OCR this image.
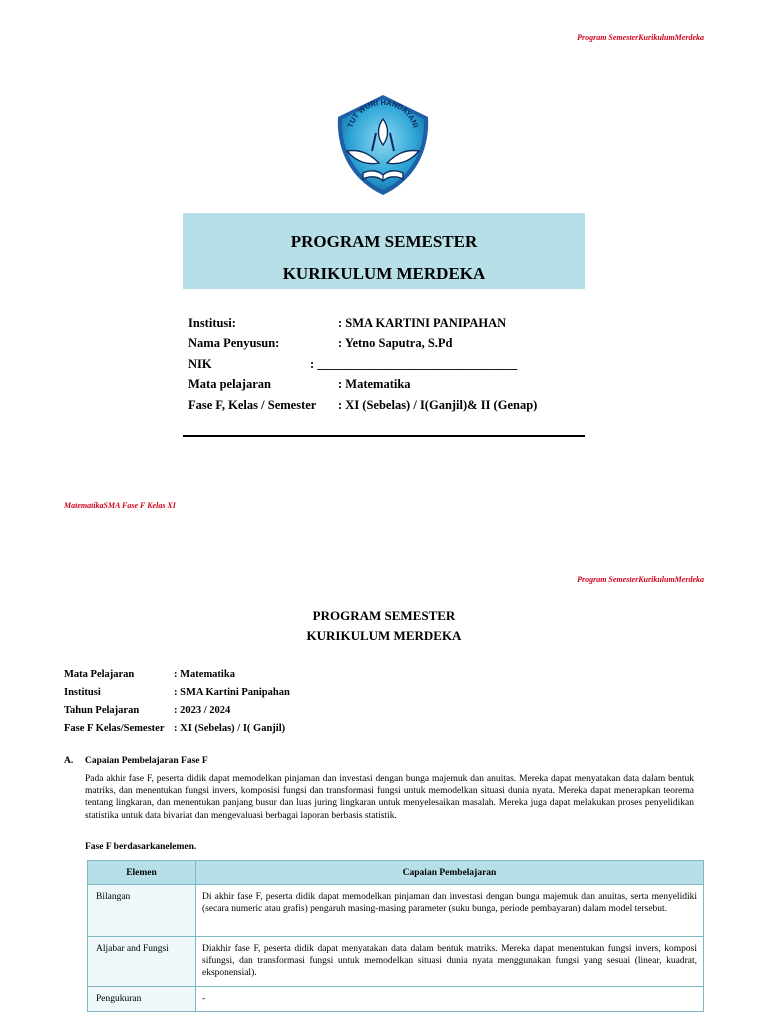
Program SemesterKurikulumMerdeka
TUT WURI HANDAYANI
PROGRAM SEMESTER
KURIKULUM MERDEKA
Institusi:	: SMA KARTINI PANIPAHAN
Nama Penyusun:	: Yetno Saputra, S.Pd
NIK	: ________________________________
Mata pelajaran	: Matematika
Fase F, Kelas / Semester	: XI (Sebelas) / I(Ganjil)& II (Genap)
MatematikaSMA Fase F Kelas XI
Program SemesterKurikulumMerdeka
PROGRAM SEMESTER
KURIKULUM MERDEKA
Mata Pelajaran	: Matematika
Institusi	: SMA Kartini Panipahan
Tahun Pelajaran	: 2023 / 2024
Fase F Kelas/Semester : XI (Sebelas) / I( Ganjil)
A.	Capaian Pembelajaran Fase F

Pada akhir fase F, peserta didik dapat memodelkan pinjaman dan investasi dengan bunga majemuk dan anuitas. Mereka dapat menyatakan data dalam bentuk matriks, dan menentukan fungsi invers, komposisi fungsi dan transformasi fungsi untuk memodelkan situasi dunia nyata. Mereka dapat menerapkan teorema tentang lingkaran, dan menentukan panjang busur dan luas juring lingkaran untuk menyelesaikan masalah. Mereka juga dapat melakukan proses penyelidikan statistika untuk data bivariat dan mengevaluasi berbagai laporan berbasis statistik.

Fase F berdasarkanelemen.
Elemen	Capaian Pembelajaran
Bilangan	Di akhir fase F, peserta didik dapat memodelkan pinjaman dan investasi dengan bunga majemuk dan anuitas, serta menyelidiki (secara numeric atau grafis) pengaruh masing-masing parameter (suku bunga, periode pembayaran) dalam model tersebut.
Aljabar and Fungsi	Diakhir fase F, peserta didik dapat menyatakan data dalam bentuk matriks. Mereka dapat menentukan fungsi invers, komposi sifungsi, dan transformasi fungsi untuk memodelkan situasi dunia nyata menggunakan fungsi yang sesuai (linear, kuadrat, eksponensial).
Pengukuran	-
